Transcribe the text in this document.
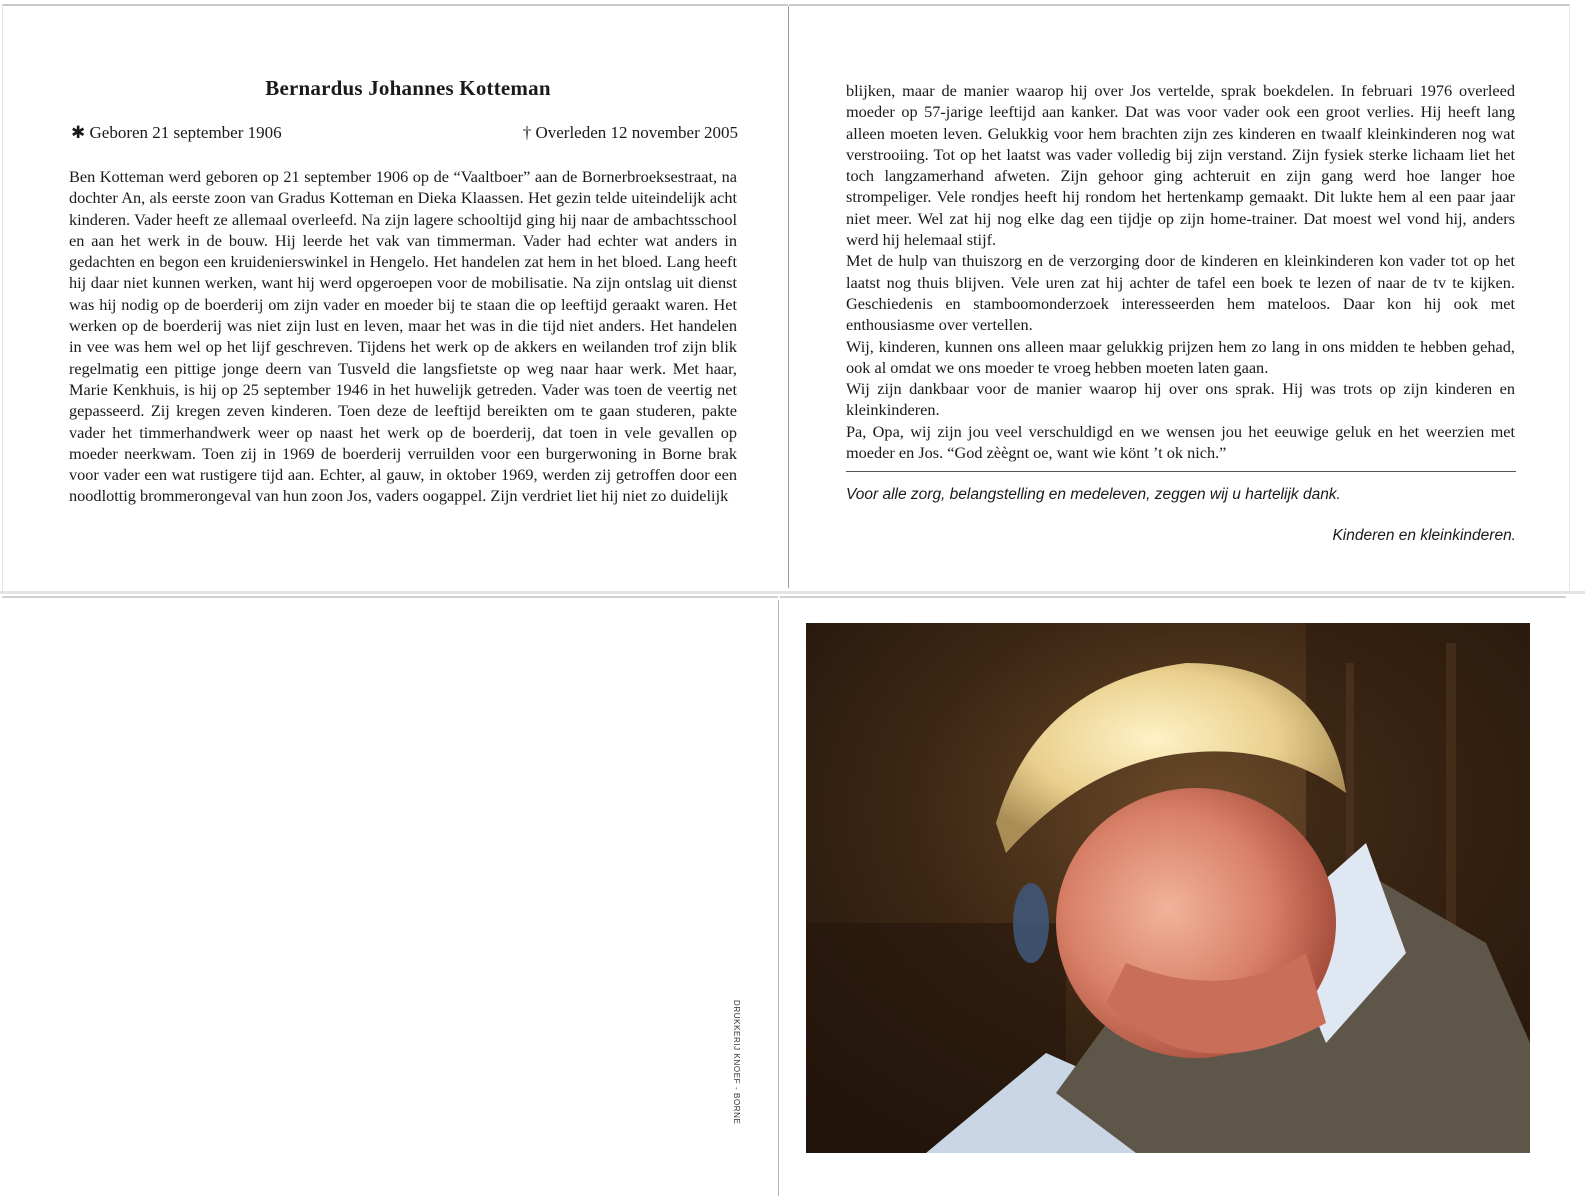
Bernardus Johannes Kotteman
✱ Geboren 21 september 1906	† Overleden 12 november 2005

Ben Kotteman werd geboren op 21 september 1906 op de “Vaaltboer” aan de Bornerbroeksestraat, na dochter An, als eerste zoon van Gradus Kotteman en Dieka Klaassen. Het gezin telde uiteindelijk acht kinderen. Vader heeft ze allemaal overleefd. Na zijn lagere schooltijd ging hij naar de ambachtsschool en aan het werk in de bouw. Hij leerde het vak van timmerman. Vader had echter wat anders in gedachten en begon een kruidenierswinkel in Hengelo. Het handelen zat hem in het bloed. Lang heeft hij daar niet kunnen werken, want hij werd opgeroepen voor de mobilisatie. Na zijn ontslag uit dienst was hij nodig op de boerderij om zijn vader en moeder bij te staan die op leeftijd geraakt waren. Het werken op de boerderij was niet zijn lust en leven, maar het was in die tijd niet anders. Het handelen in vee was hem wel op het lijf geschreven. Tijdens het werk op de akkers en weilanden trof zijn blik regelmatig een pittige jonge deern van Tusveld die langsfietste op weg naar haar werk. Met haar, Marie Kenkhuis, is hij op 25 september 1946 in het huwelijk getreden. Vader was toen de veertig net gepasseerd. Zij kregen zeven kinderen. Toen deze de leeftijd bereikten om te gaan studeren, pakte vader het timmerhandwerk weer op naast het werk op de boerderij, dat toen in vele gevallen op moeder neerkwam. Toen zij in 1969 de boerderij verruilden voor een burgerwoning in Borne brak voor vader een wat rustigere tijd aan. Echter, al gauw, in oktober 1969, werden zij getroffen door een noodlottig brommerongeval van hun zoon Jos, vaders oogappel. Zijn verdriet liet hij niet zo duidelijk

blijken, maar de manier waarop hij over Jos vertelde, sprak boekdelen. In februari 1976 overleed moeder op 57-jarige leeftijd aan kanker. Dat was voor vader ook een groot verlies. Hij heeft lang alleen moeten leven. Gelukkig voor hem brachten zijn zes kinderen en twaalf kleinkinderen nog wat verstrooiing. Tot op het laatst was vader volledig bij zijn verstand. Zijn fysiek sterke lichaam liet het toch langzamerhand afweten. Zijn gehoor ging achteruit en zijn gang werd hoe langer hoe strompeliger. Vele rondjes heeft hij rondom het hertenkamp gemaakt. Dit lukte hem al een paar jaar niet meer. Wel zat hij nog elke dag een tijdje op zijn home-trainer. Dat moest wel vond hij, anders werd hij helemaal stijf.

Met de hulp van thuiszorg en de verzorging door de kinderen en kleinkinderen kon vader tot op het laatst nog thuis blijven. Vele uren zat hij achter de tafel een boek te lezen of naar de tv te kijken. Geschiedenis en stamboomonderzoek interesseerden hem mateloos. Daar kon hij ook met enthousiasme over vertellen.

Wij, kinderen, kunnen ons alleen maar gelukkig prijzen hem zo lang in ons midden te hebben gehad, ook al omdat we ons moeder te vroeg hebben moeten laten gaan.

Wij zijn dankbaar voor de manier waarop hij over ons sprak. Hij was trots op zijn kinderen en kleinkinderen.

Pa, Opa, wij zijn jou veel verschuldigd en we wensen jou het eeuwige geluk en het weerzien met moeder en Jos. “God zèègnt oe, want wie könt ’t ok nich.”

Voor alle zorg, belangstelling en medeleven, zeggen wij u hartelijk dank.
Kinderen en kleinkinderen.
DRUKKERIJ KNOEF - BORNE
